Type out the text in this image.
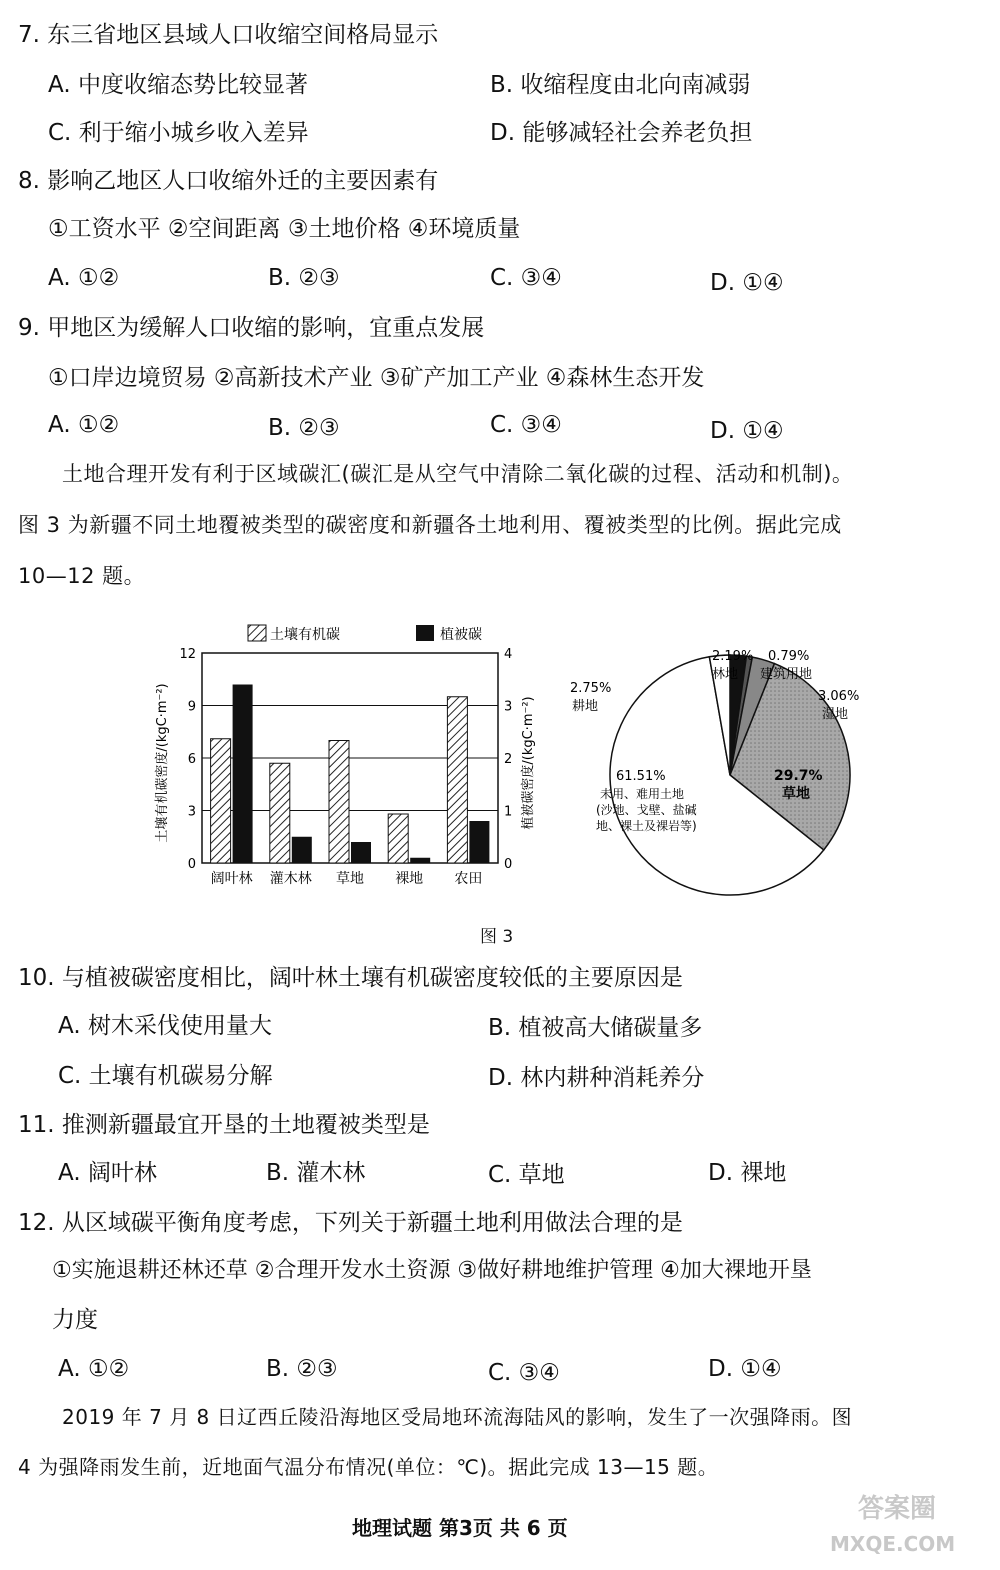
7. 东三省地区县域人口收缩空间格局显示
A. 中度收缩态势比较显著	B. 收缩程度由北向南减弱
C. 利于缩小城乡收入差异	D. 能够减轻社会养老负担
8. 影响乙地区人口收缩外迁的主要因素有
①工资水平 ②空间距离 ③土地价格 ④环境质量
A. ①②	B. ②③	C. ③④	D. ①④
9. 甲地区为缓解人口收缩的影响，宜重点发展
①口岸边境贸易 ②高新技术产业 ③矿产加工产业 ④森林生态开发
A. ①②	B. ②③	C. ③④	D. ①④
土地合理开发有利于区域碳汇(碳汇是从空气中清除二氧化碳的过程、活动和机制)。
图 3 为新疆不同土地覆被类型的碳密度和新疆各土地利用、覆被类型的比例。据此完成
10—12 题。
0
3
6
9
12
0
1
2
3
4
阔叶林 灌木林 草地 裸地 农田
土壤有机碳	植被碳
土壤有机碳密度/(kgC·m⁻²)	植被碳密度/(kgC·m⁻²)
2.19%
林地
0.79%
建筑用地
2.75%
耕地
3.06%
湿地
29.7%
草地
61.51%
未用、难用土地
(沙地、戈壁、盐碱
地、裸土及裸岩等)
图 3
10. 与植被碳密度相比，阔叶林土壤有机碳密度较低的主要原因是
A. 树木采伐使用量大	B. 植被高大储碳量多
C. 土壤有机碳易分解	D. 林内耕种消耗养分
11. 推测新疆最宜开垦的土地覆被类型是
A. 阔叶林	B. 灌木林	C. 草地	D. 裸地
12. 从区域碳平衡角度考虑，下列关于新疆土地利用做法合理的是
①实施退耕还林还草 ②合理开发水土资源 ③做好耕地维护管理 ④加大裸地开垦
力度
A. ①②	B. ②③	C. ③④	D. ①④
2019 年 7 月 8 日辽西丘陵沿海地区受局地环流海陆风的影响，发生了一次强降雨。图
4 为强降雨发生前，近地面气温分布情况(单位：℃)。据此完成 13—15 题。
地理试题 第3页 共 6 页
答案圈
MXQE.COM
